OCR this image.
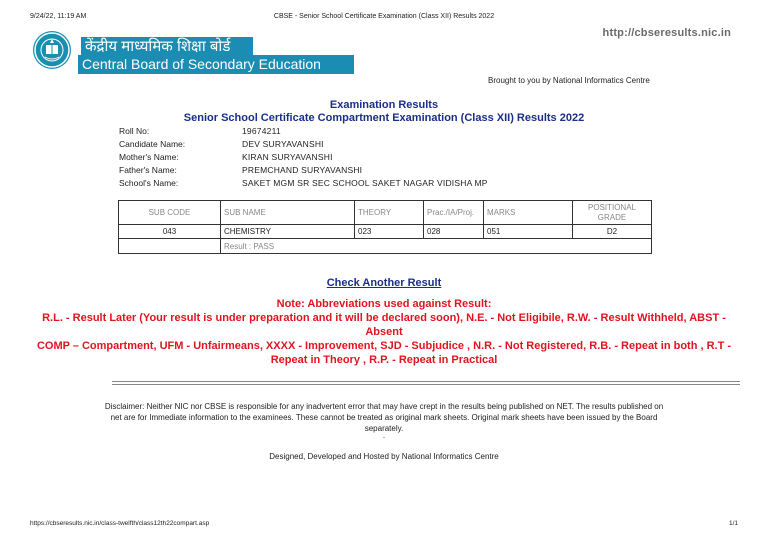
9/24/22, 11:19 AM	CBSE - Senior School Certificate Examination (Class XII) Results 2022
http://cbseresults.nic.in
केंद्रीय माध्यमिक शिक्षा बोर्ड
Central Board of Secondary Education
Brought to you by National Informatics Centre
Examination Results
Senior School Certificate Compartment Examination (Class XII) Results 2022
Roll No:	19674211
Candidate Name:	DEV SURYAVANSHI
Mother's Name:	KIRAN SURYAVANSHI
Father's Name:	PREMCHAND SURYAVANSHI
School's Name:	SAKET MGM SR SEC SCHOOL SAKET NAGAR VIDISHA MP
SUB CODE	SUB NAME	THEORY	Prac./IA/Proj.	MARKS	POSITIONAL GRADE
043	CHEMISTRY	023	028	051	D2
	Result : PASS				
Check Another Result
Note: Abbreviations used against Result:
R.L. - Result Later (Your result is under preparation and it will be declared soon), N.E. - Not Eligibile, R.W. - Result Withheld, ABST - Absent
COMP – Compartment, UFM - Unfairmeans, XXXX - Improvement, SJD - Subjudice , N.R. - Not Registered, R.B. - Repeat in both , R.T - Repeat in Theory , R.P. - Repeat in Practical
Disclaimer: Neither NIC nor CBSE is responsible for any inadvertent error that may have crept in the results being published on NET. The results published on net are for Immediate information to the examinees. These cannot be treated as original mark sheets. Original mark sheets have been issued by the Board separately.
.
Designed, Developed and Hosted by National Informatics Centre
https://cbseresults.nic.in/class-twelfth/class12th22compart.asp	1/1
